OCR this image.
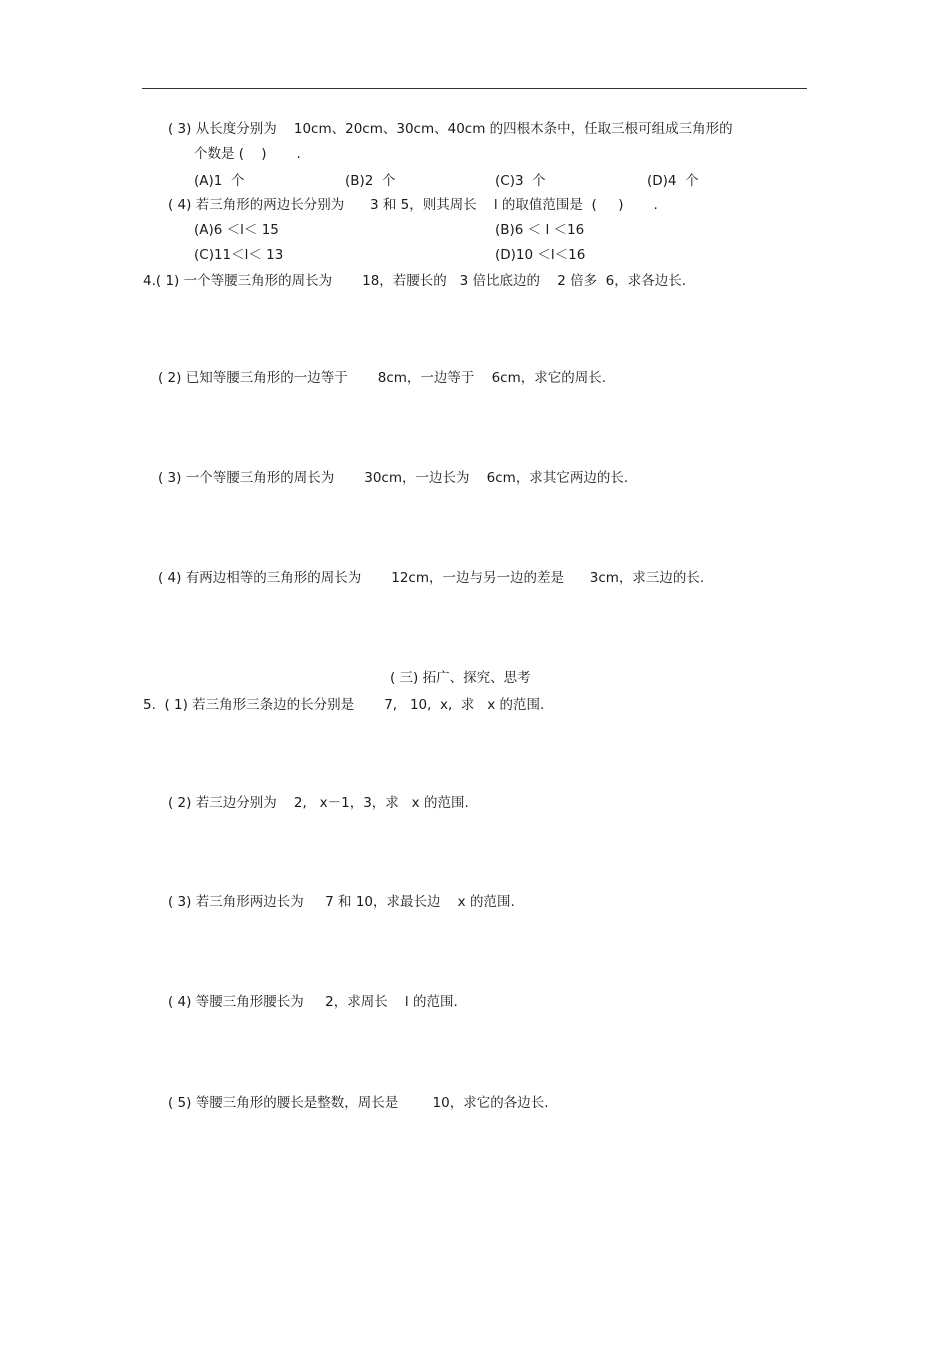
( 3) 从长度分别为    10cm、20cm、30cm、40cm 的四根木条中，任取三根可组成三角形的
个数是 (    )       .
(A)1  个	(B)2  个	(C)3  个	(D)4  个
( 4) 若三角形的两边长分别为      3 和 5，则其周长    l 的取值范围是  (     )       .
(A)6 ＜l＜ 15	(B)6 ＜ l ＜16
(C)11＜l＜ 13	(D)10 ＜l＜16
4.( 1) 一个等腰三角形的周长为       18，若腰长的   3 倍比底边的    2 倍多  6，求各边长.
( 2) 已知等腰三角形的一边等于       8cm，一边等于    6cm，求它的周长.
( 3) 一个等腰三角形的周长为       30cm，一边长为    6cm，求其它两边的长.
( 4) 有两边相等的三角形的周长为       12cm，一边与另一边的差是      3cm，求三边的长.
( 三) 拓广、探究、思考
5.  ( 1) 若三角形三条边的长分别是       7,   10,  x,  求   x 的范围.
( 2) 若三边分别为    2,   x－1，3，求   x 的范围.
( 3) 若三角形两边长为     7 和 10，求最长边    x 的范围.
( 4) 等腰三角形腰长为     2，求周长    l 的范围.
( 5) 等腰三角形的腰长是整数，周长是        10，求它的各边长.
